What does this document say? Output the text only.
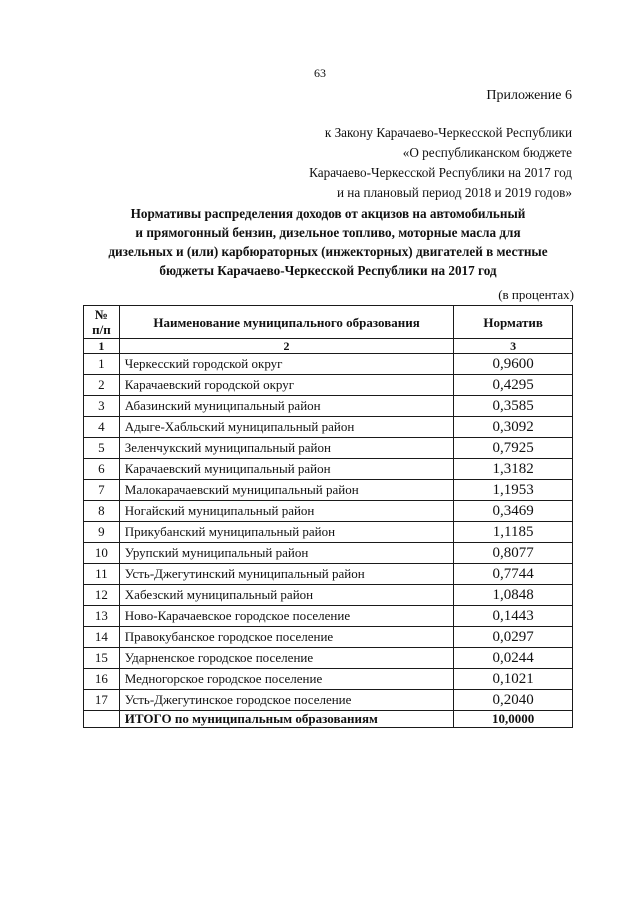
63
Приложение 6
к Закону Карачаево-Черкесской Республики
«О республиканском бюджете
Карачаево-Черкесской Республики на 2017 год
и на плановый период 2018 и 2019 годов»
Нормативы распределения доходов от акцизов на автомобильный
и прямогонный бензин, дизельное топливо, моторные масла для
дизельных и (или) карбюраторных (инжекторных) двигателей в местные
бюджеты Карачаево-Черкесской Республики на 2017 год
(в процентах)
№
п/п	Наименование муниципального образования	Норматив
1	2	3
1	Черкесский городской округ	0,9600
2	Карачаевский городской округ	0,4295
3	Абазинский муниципальный район	0,3585
4	Адыге-Хабльский муниципальный район	0,3092
5	Зеленчукский муниципальный район	0,7925
6	Карачаевский муниципальный район	1,3182
7	Малокарачаевский муниципальный район	1,1953
8	Ногайский муниципальный район	0,3469
9	Прикубанский муниципальный район	1,1185
10	Урупский муниципальный район	0,8077
11	Усть-Джегутинский муниципальный район	0,7744
12	Хабезский муниципальный район	1,0848
13	Ново-Карачаевское городское поселение	0,1443
14	Правокубанское городское поселение	0,0297
15	Ударненское городское поселение	0,0244
16	Медногорское городское поселение	0,1021
17	Усть-Джегутинское городское поселение	0,2040
	ИТОГО по муниципальным образованиям	10,0000
